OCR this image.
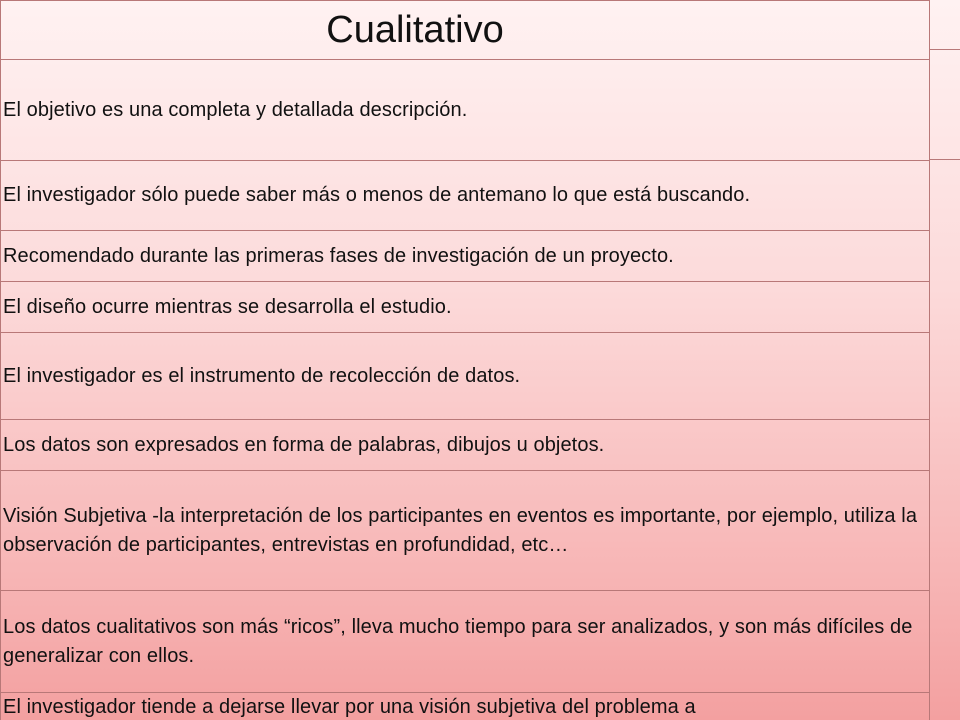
Cualitativo
El objetivo es una completa y detallada descripción.
El investigador sólo puede saber más o menos de antemano lo que está buscando.
Recomendado durante las primeras fases de investigación de un proyecto.
El diseño ocurre mientras se desarrolla el estudio.
El investigador es el instrumento de recolección de datos.
Los datos son expresados en forma de palabras, dibujos u objetos.
Visión Subjetiva -la interpretación de los participantes en eventos es importante, por ejemplo, utiliza la observación de participantes, entrevistas en profundidad, etc…
Los datos cualitativos son más “ricos”, lleva mucho tiempo para ser analizados, y son más difíciles de generalizar con ellos.
El investigador tiende a dejarse llevar por una visión subjetiva del problema a
